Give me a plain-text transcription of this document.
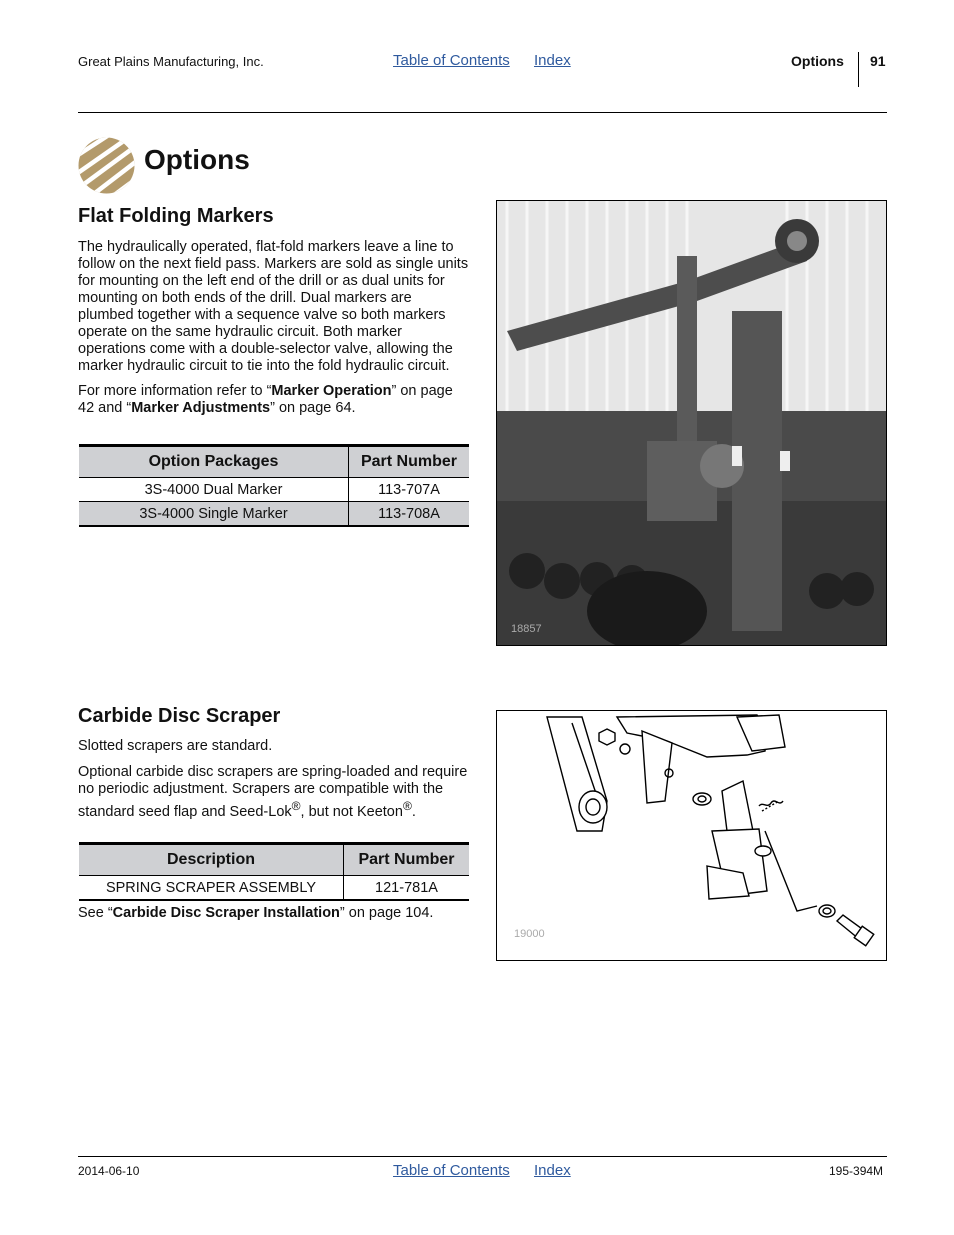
Great Plains Manufacturing, Inc.	Table of Contents Index	Options 91
Options
Flat Folding Markers

The hydraulically operated, flat-fold markers leave a line to follow on the next field pass. Markers are sold as single units for mounting on the left end of the drill or as dual units for mounting on both ends of the drill. Dual markers are plumbed together with a sequence valve so both markers operate on the same hydraulic circuit. Both marker operations come with a double-selector valve, allowing the marker hydraulic circuit to tie into the fold hydraulic circuit.

For more information refer to “Marker Operation” on page 42 and “Marker Adjustments” on page 64.

Option Packages	Part Number
3S-4000 Dual Marker	113-707A
3S-4000 Single Marker	113-708A
18857
Carbide Disc Scraper

Slotted scrapers are standard.

Optional carbide disc scrapers are spring-loaded and require no periodic adjustment. Scrapers are compatible with the standard seed flap and Seed-Lok®, but not Keeton®.

Description	Part Number
SPRING SCRAPER ASSEMBLY	121-781A
See “Carbide Disc Scraper Installation” on page 104.
19000
2014-06-10	Table of Contents Index	195-394M
